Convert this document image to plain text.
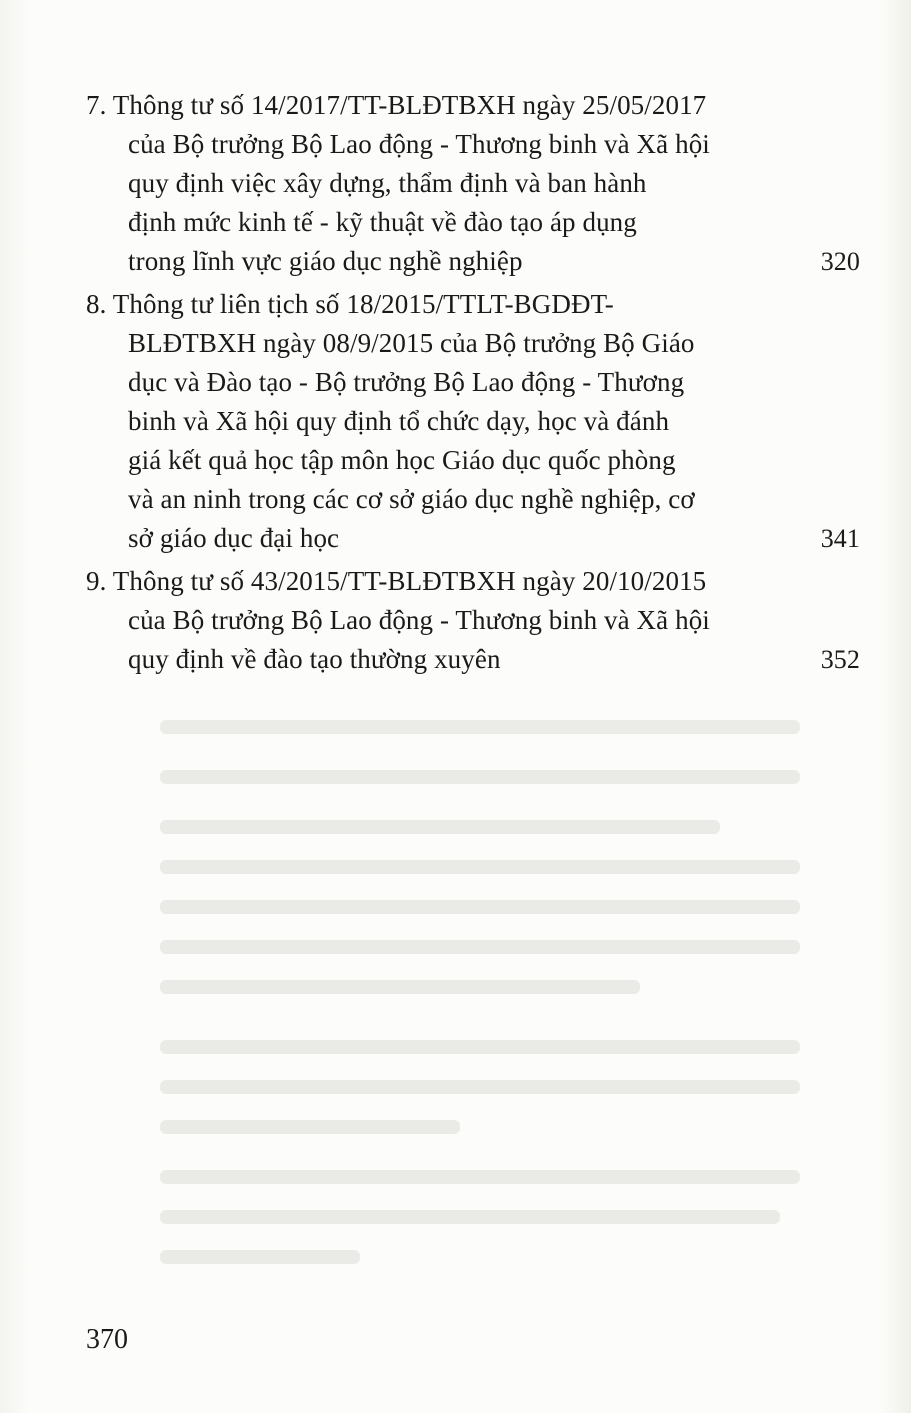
7. Thông tư số 14/2017/TT-BLĐTBXH ngày 25/05/2017
của Bộ trưởng Bộ Lao động - Thương binh và Xã hội
quy định việc xây dựng, thẩm định và ban hành
định mức kinh tế - kỹ thuật về đào tạo áp dụng
trong lĩnh vực giáo dục nghề nghiệp	320
8. Thông tư liên tịch số 18/2015/TTLT-BGDĐT-
BLĐTBXH ngày 08/9/2015 của Bộ trưởng Bộ Giáo
dục và Đào tạo - Bộ trưởng Bộ Lao động - Thương
binh và Xã hội quy định tổ chức dạy, học và đánh
giá kết quả học tập môn học Giáo dục quốc phòng
và an ninh trong các cơ sở giáo dục nghề nghiệp, cơ
sở giáo dục đại học	341
9. Thông tư số 43/2015/TT-BLĐTBXH ngày 20/10/2015
của Bộ trưởng Bộ Lao động - Thương binh và Xã hội
quy định về đào tạo thường xuyên	352
370
